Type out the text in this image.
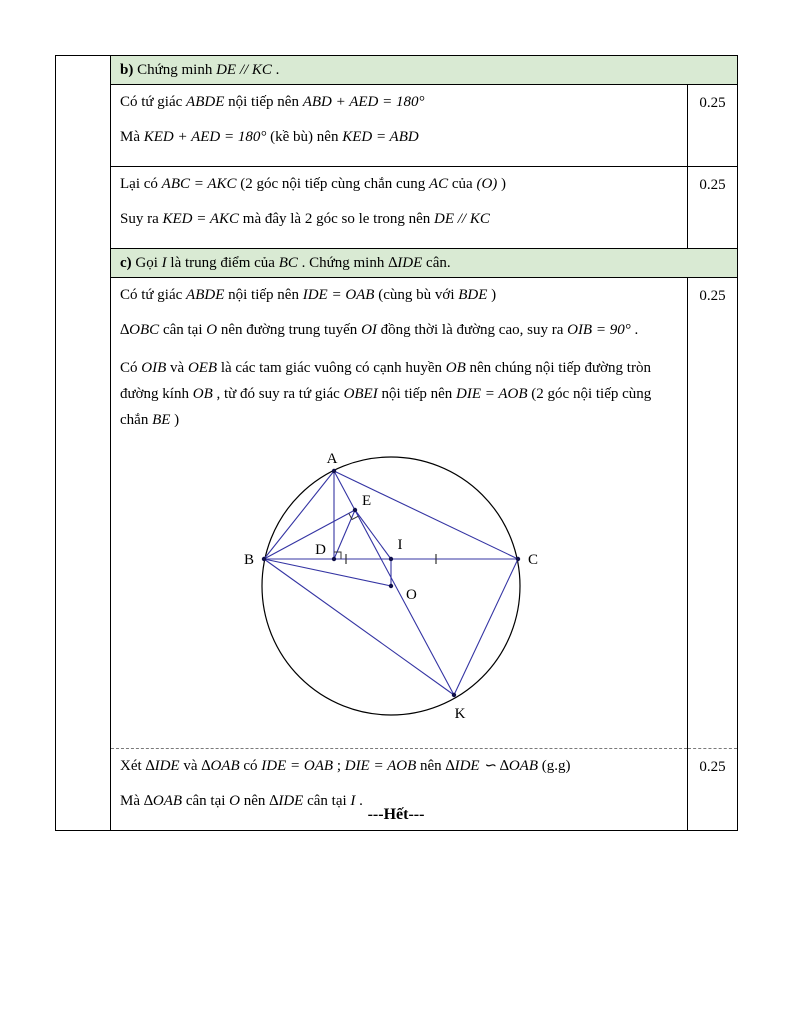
	b) Chứng minh DE // KC .	

	Có tứ giác ABDE nội tiếp nên ABD + AED = 180°

Mà KED + AED = 180° (kề bù) nên KED = ABD	0.25

	Lại có ABC = AKC (2 góc nội tiếp cùng chắn cung AC của (O) )

Suy ra KED = AKC mà đây là 2 góc so le trong nên DE // KC	0.25
	c) Gọi I là trung điểm của BC . Chứng minh ∆IDE cân.	

Có tứ giác ABDE nội tiếp nên IDE = OAB (cùng bù với BDE )

∆OBC cân tại O nên đường trung tuyến OI đồng thời là đường cao, suy ra OIB = 90° .

Có OIB và OEB là các tam giác vuông có cạnh huyền OB nên chúng nội tiếp đường tròn đường kính OB , từ đó suy ra tứ giác OBEI nội tiếp nên DIE = AOB (2 góc nội tiếp cùng chắn BE )

A
B	C
D
E
I
O
K
	0.25

	Xét ∆IDE và ∆OAB có IDE = OAB ; DIE = AOB nên ∆IDE ∽ ∆OAB (g.g)

Mà ∆OAB cân tại O nên ∆IDE cân tại I .	0.25
---Hết---
